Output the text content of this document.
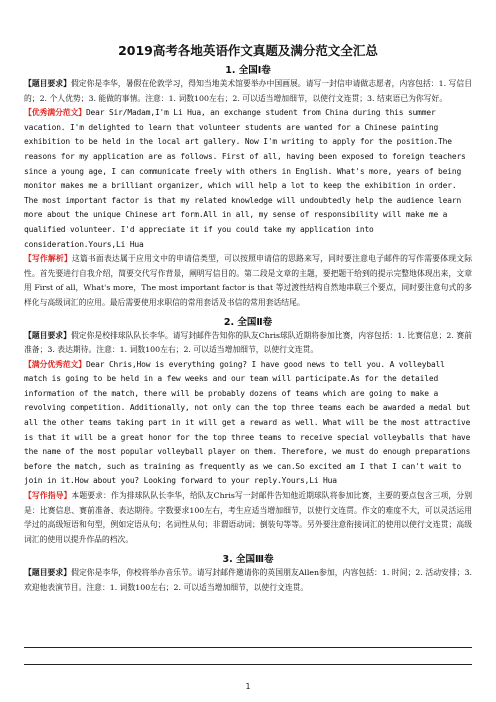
2019高考各地英语作文真题及满分范文全汇总
1. 全国Ⅰ卷

【题目要求】假定你是李华，暑假在伦敦学习，得知当地美术馆要举办中国画展。请写一封信申请做志愿者，内容包括：1. 写信目的；2. 个人优势；3. 能做的事情。注意：1. 词数100左右；2. 可以适当增加细节，以使行文连贯；3. 结束语已为你写好。

【优秀满分范文】Dear Sir/Madam,I'm Li Hua, an exchange student from China during this summer vacation. I'm delighted to learn that volunteer students are wanted for a Chinese painting exhibition to be held in the local art gallery. Now I'm writing to apply for the position.The reasons for my application are as follows. First of all, having been exposed to foreign teachers since a young age, I can communicate freely with others in English. What's more, years of being monitor makes me a brilliant organizer, which will help a lot to keep the exhibition in order. The most important factor is that my related knowledge will undoubtedly help the audience learn more about the unique Chinese art form.All in all, my sense of responsibility will make me a qualified volunteer. I'd appreciate it if you could take my application into consideration.Yours,Li Hua

【写作解析】这篇书面表达属于应用文中的申请信类型，可以按照申请信的思路来写，同时要注意电子邮件的写作需要体现文际性。首先要进行自我介绍，简要交代写作背景，阐明写信目的。第二段是文章的主题，要把题干给到的提示完整地体现出来，文章用 First of all，What's more，The most important factor is that 等过渡性结构自然地串联三个要点，同时要注意句式的多样化与高级词汇的应用。最后需要使用求职信的常用套话及书信的常用套话结尾。

2. 全国Ⅱ卷

【题目要求】假定你是校排球队队长李华。请写封邮件告知你的队友Chris球队近期将参加比赛，内容包括：1. 比赛信息；2. 赛前准备；3. 表达期待。注意：1. 词数100左右；2. 可以适当增加细节，以使行文连贯。

【满分优秀范文】Dear Chris,How is everything going? I have good news to tell you. A volleyball match is going to be held in a few weeks and our team will participate.As for the detailed information of the match, there will be probably dozens of teams which are going to make a revolving competition. Additionally, not only can the top three teams each be awarded a medal but all the other teams taking part in it will get a reward as well. What will be the most attractive is that it will be a great honor for the top three teams to receive special volleyballs that have the name of the most popular volleyball player on them. Therefore, we must do enough preparations before the match, such as training as frequently as we can.So excited am I that I can't wait to join in it.How about you? Looking forward to your reply.Yours,Li Hua

【写作指导】本题要求：作为排球队队长李华，给队友Chris写一封邮件告知他近期球队将参加比赛，主要的要点包含三项，分别是：比赛信息、赛前准备、表达期待。字数要求100左右，考生应适当增加细节，以使行文连贯。作文的难度不大，可以灵活运用学过的高级短语和句型，例如定语从句；名词性从句；非谓语动词；倒装句等等。另外要注意衔接词汇的使用以使行文连贯；高级词汇的使用以提升作品的档次。

3. 全国Ⅲ卷

【题目要求】假定你是李华，你校将举办音乐节。请写封邮件邀请你的英国朋友Allen参加，内容包括：1. 时间；2. 活动安排；3. 欢迎他表演节目。注意：1. 词数100左右；2. 可以适当增加细节，以使行文连贯。

1
